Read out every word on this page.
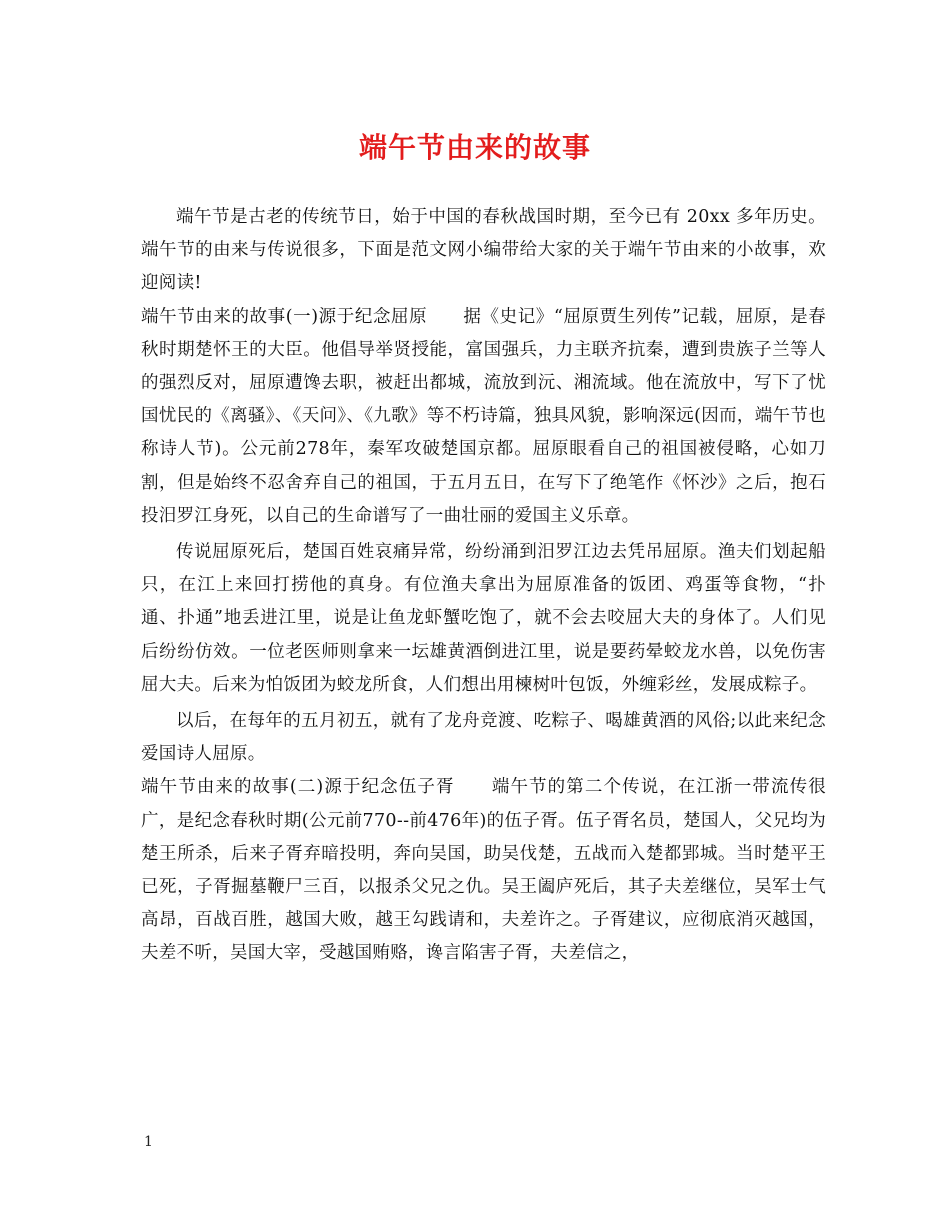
端午节由来的故事

端午节是古老的传统节日，始于中国的春秋战国时期，至今已有 20xx 多年历史。端午节的由来与传说很多，下面是范文网小编带给大家的关于端午节由来的小故事，欢迎阅读!

端午节由来的故事(一)源于纪念屈原　　据《史记》“屈原贾生列传”记载，屈原，是春秋时期楚怀王的大臣。他倡导举贤授能，富国强兵，力主联齐抗秦，遭到贵族子兰等人的强烈反对，屈原遭馋去职，被赶出都城，流放到沅、湘流域。他在流放中，写下了忧国忧民的《离骚》、《天问》、《九歌》等不朽诗篇，独具风貌，影响深远(因而，端午节也称诗人节)。公元前278年，秦军攻破楚国京都。屈原眼看自己的祖国被侵略，心如刀割，但是始终不忍舍弃自己的祖国，于五月五日，在写下了绝笔作《怀沙》之后，抱石投汨罗江身死，以自己的生命谱写了一曲壮丽的爱国主义乐章。

传说屈原死后，楚国百姓哀痛异常，纷纷涌到汨罗江边去凭吊屈原。渔夫们划起船只，在江上来回打捞他的真身。有位渔夫拿出为屈原准备的饭团、鸡蛋等食物，“扑通、扑通”地丢进江里，说是让鱼龙虾蟹吃饱了，就不会去咬屈大夫的身体了。人们见后纷纷仿效。一位老医师则拿来一坛雄黄酒倒进江里，说是要药晕蛟龙水兽，以免伤害屈大夫。后来为怕饭团为蛟龙所食，人们想出用楝树叶包饭，外缠彩丝，发展成粽子。

以后，在每年的五月初五，就有了龙舟竞渡、吃粽子、喝雄黄酒的风俗;以此来纪念爱国诗人屈原。

端午节由来的故事(二)源于纪念伍子胥　　端午节的第二个传说，在江浙一带流传很广，是纪念春秋时期(公元前770--前476年)的伍子胥。伍子胥名员，楚国人，父兄均为楚王所杀，后来子胥弃暗投明，奔向吴国，助吴伐楚，五战而入楚都郢城。当时楚平王已死，子胥掘墓鞭尸三百，以报杀父兄之仇。吴王阖庐死后，其子夫差继位，吴军士气高昂，百战百胜，越国大败，越王勾践请和，夫差许之。子胥建议，应彻底消灭越国，夫差不听，吴国大宰，受越国贿赂，谗言陷害子胥，夫差信之，

1
